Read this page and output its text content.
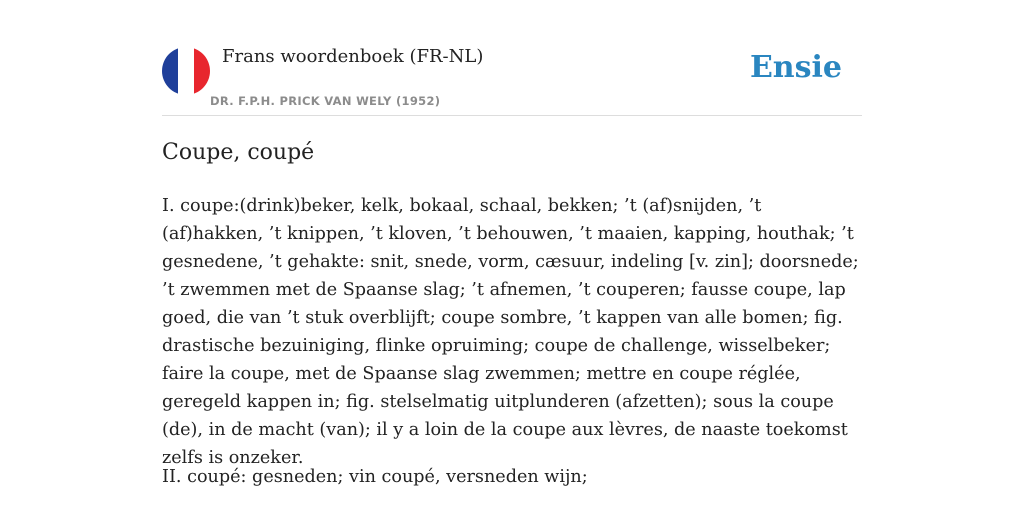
Frans woordenboek (FR-NL)
DR. F.P.H. PRICK VAN WELY (1952)
Ensie
Coupe, coupé

I. coupe:(drink)beker, kelk, bokaal, schaal, bekken; ’t (af)snijden, ’t (af)hakken, ’t knippen, ’t kloven, ’t behouwen, ’t maaien, kapping, houthak; ’t gesnedene, ’t gehakte: snit, snede, vorm, cæsuur, indeling [v. zin]; doorsnede; ’t zwemmen met de Spaanse slag; ’t afnemen, ’t couperen; fausse coupe, lap goed, die van ’t stuk overblijft; coupe sombre, ’t kappen van alle bomen; fig. drastische bezuiniging, flinke opruiming; coupe de challenge, wisselbeker; faire la coupe, met de Spaanse slag zwemmen; mettre en coupe réglée, geregeld kappen in; fig. stelselmatig uitplunderen (afzetten); sous la coupe (de), in de macht (van); il y a loin de la coupe aux lèvres, de naaste toekomst zelfs is onzeker.

II. coupé: gesneden; vin coupé, versneden wijn;
